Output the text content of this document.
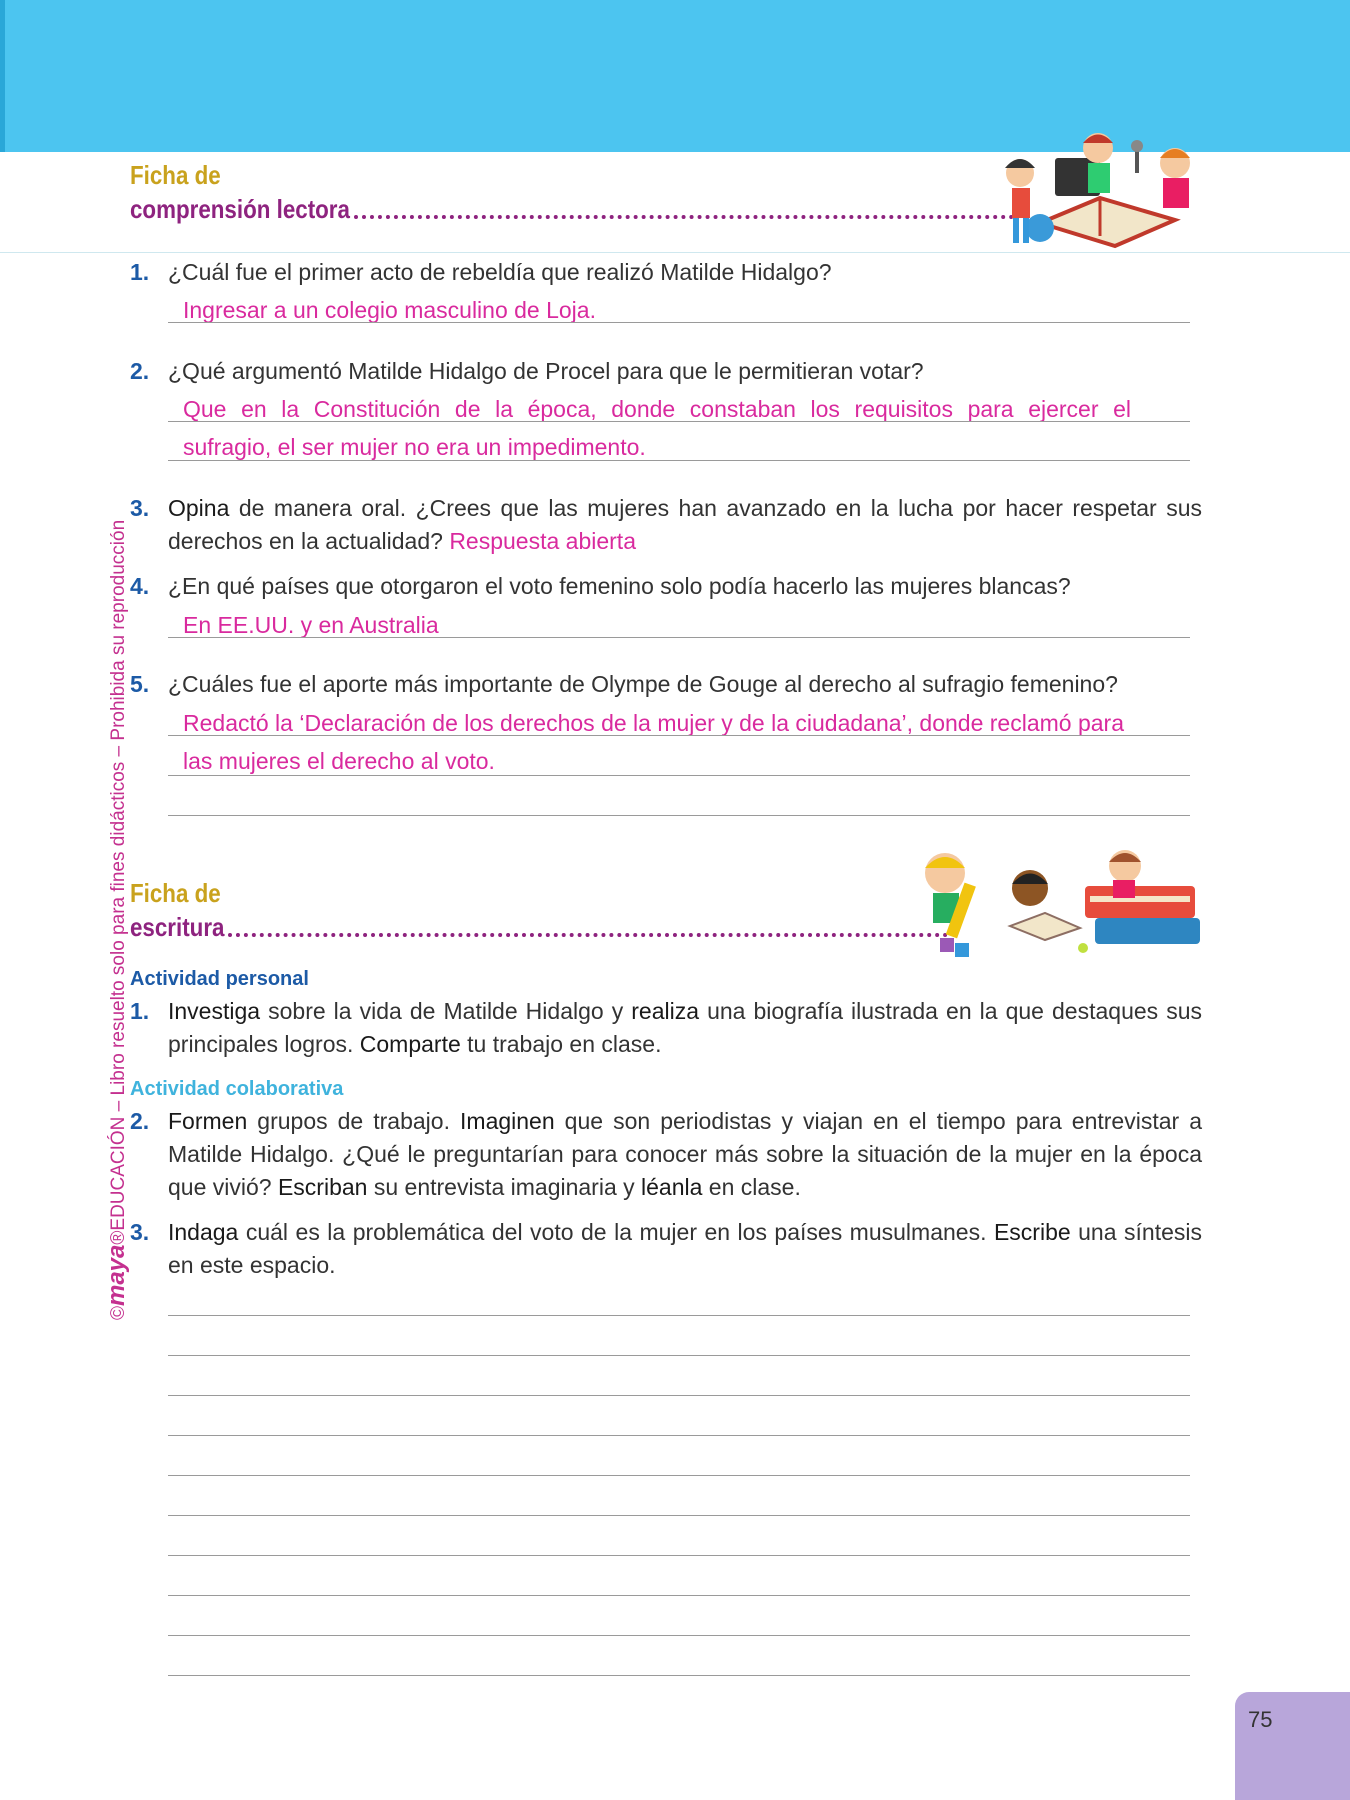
©maya®EDUCACIÓN – Libro resuelto solo para fines didácticos – Prohibida su reproducción
Ficha de
comprensión lectora
1. ¿Cuál fue el primer acto de rebeldía que realizó Matilde Hidalgo?
Ingresar a un colegio masculino de Loja.
2. ¿Qué argumentó Matilde Hidalgo de Procel para que le permitieran votar?
Que en la Constitución de la época, donde constaban los requisitos para ejercer el
sufragio, el ser mujer no era un impedimento.
3. Opina de manera oral. ¿Crees que las mujeres han avanzado en la lucha por hacer respetar sus derechos en la actualidad? Respuesta abierta
4. ¿En qué países que otorgaron el voto femenino solo podía hacerlo las mujeres blancas?
En EE.UU. y en Australia
5. ¿Cuáles fue el aporte más importante de Olympe de Gouge al derecho al sufragio femenino?
Redactó la ‘Declaración de los derechos de la mujer y de la ciudadana’, donde reclamó para
las mujeres el derecho al voto.
Ficha de
escritura
Actividad personal
1. Investiga sobre la vida de Matilde Hidalgo y realiza una biografía ilustrada en la que destaques sus principales logros. Comparte tu trabajo en clase.
Actividad colaborativa
2. Formen grupos de trabajo. Imaginen que son periodistas y viajan en el tiempo para entrevistar a Matilde Hidalgo. ¿Qué le preguntarían para conocer más sobre la situación de la mujer en la época que vivió? Escriban su entrevista imaginaria y léanla en clase.
3. Indaga cuál es la problemática del voto de la mujer en los países musulmanes. Escribe una síntesis en este espacio.
75
